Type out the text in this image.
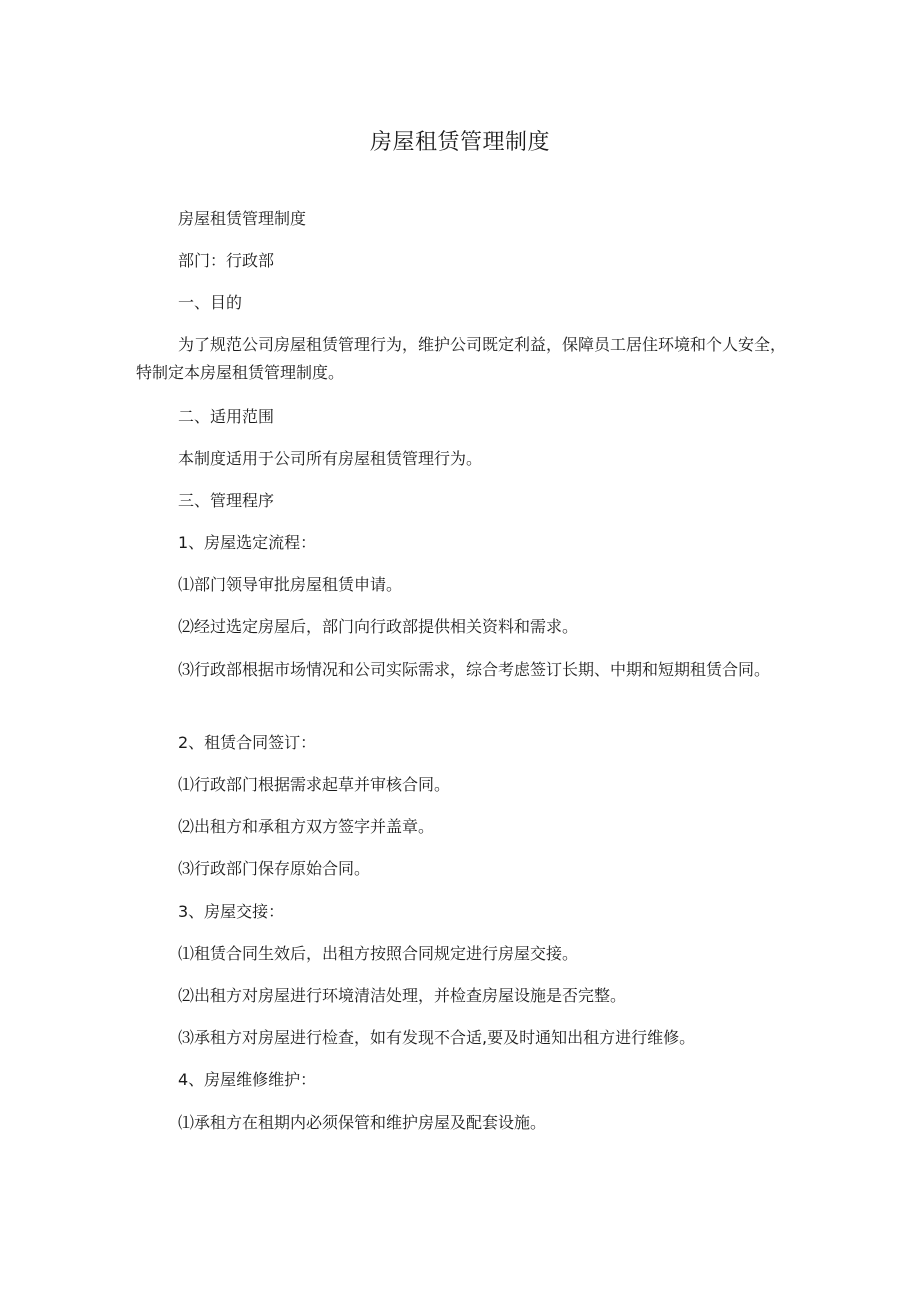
房屋租赁管理制度
房屋租赁管理制度
部门：行政部
一、目的
为了规范公司房屋租赁管理行为，维护公司既定利益，保障员工居住环境和个人安全，特制定本房屋租赁管理制度。
二、适用范围
本制度适用于公司所有房屋租赁管理行为。
三、管理程序
1、房屋选定流程：
⑴部门领导审批房屋租赁申请。
⑵经过选定房屋后，部门向行政部提供相关资料和需求。
⑶行政部根据市场情况和公司实际需求，综合考虑签订长期、中期和短期租赁合同。
2、租赁合同签订：
⑴行政部门根据需求起草并审核合同。
⑵出租方和承租方双方签字并盖章。
⑶行政部门保存原始合同。
3、房屋交接：
⑴租赁合同生效后，出租方按照合同规定进行房屋交接。
⑵出租方对房屋进行环境清洁处理，并检查房屋设施是否完整。
⑶承租方对房屋进行检查，如有发现不合适,要及时通知出租方进行维修。
4、房屋维修维护：
⑴承租方在租期内必须保管和维护房屋及配套设施。
